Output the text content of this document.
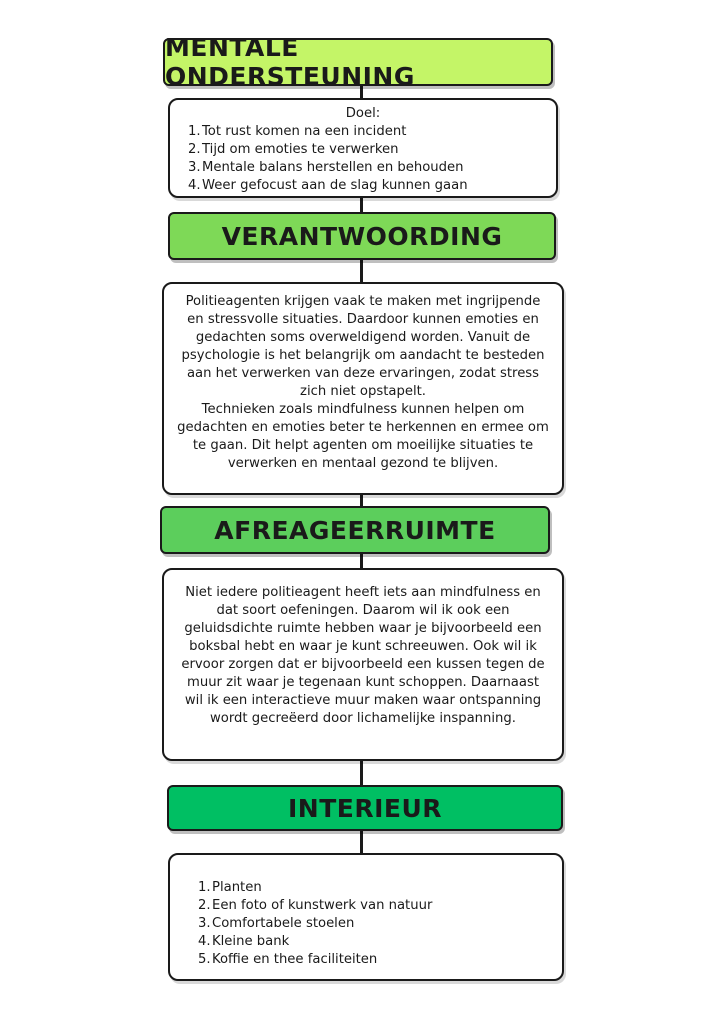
MENTALE ONDERSTEUNING

Doel:

Tot rust komen na een incident
Tijd om emoties te verwerken
Mentale balans herstellen en behouden
Weer gefocust aan de slag kunnen gaan
VERANTWOORDING

Politieagenten krijgen vaak te maken met ingrijpende en stressvolle situaties. Daardoor kunnen emoties en gedachten soms overweldigend worden. Vanuit de psychologie is het belangrijk om aandacht te besteden aan het verwerken van deze ervaringen, zodat stress zich niet opstapelt.

Technieken zoals mindfulness kunnen helpen om gedachten en emoties beter te herkennen en ermee om te gaan. Dit helpt agenten om moeilijke situaties te verwerken en mentaal gezond te blijven.

AFREAGEERRUIMTE

Niet iedere politieagent heeft iets aan mindfulness en dat soort oefeningen. Daarom wil ik ook een geluidsdichte ruimte hebben waar je bijvoorbeeld een boksbal hebt en waar je kunt schreeuwen. Ook wil ik ervoor zorgen dat er bijvoorbeeld een kussen tegen de muur zit waar je tegenaan kunt schoppen. Daarnaast wil ik een interactieve muur maken waar ontspanning wordt gecreëerd door lichamelijke inspanning.

INTERIEUR
Planten
Een foto of kunstwerk van natuur
Comfortabele stoelen
Kleine bank
Koffie en thee faciliteiten
